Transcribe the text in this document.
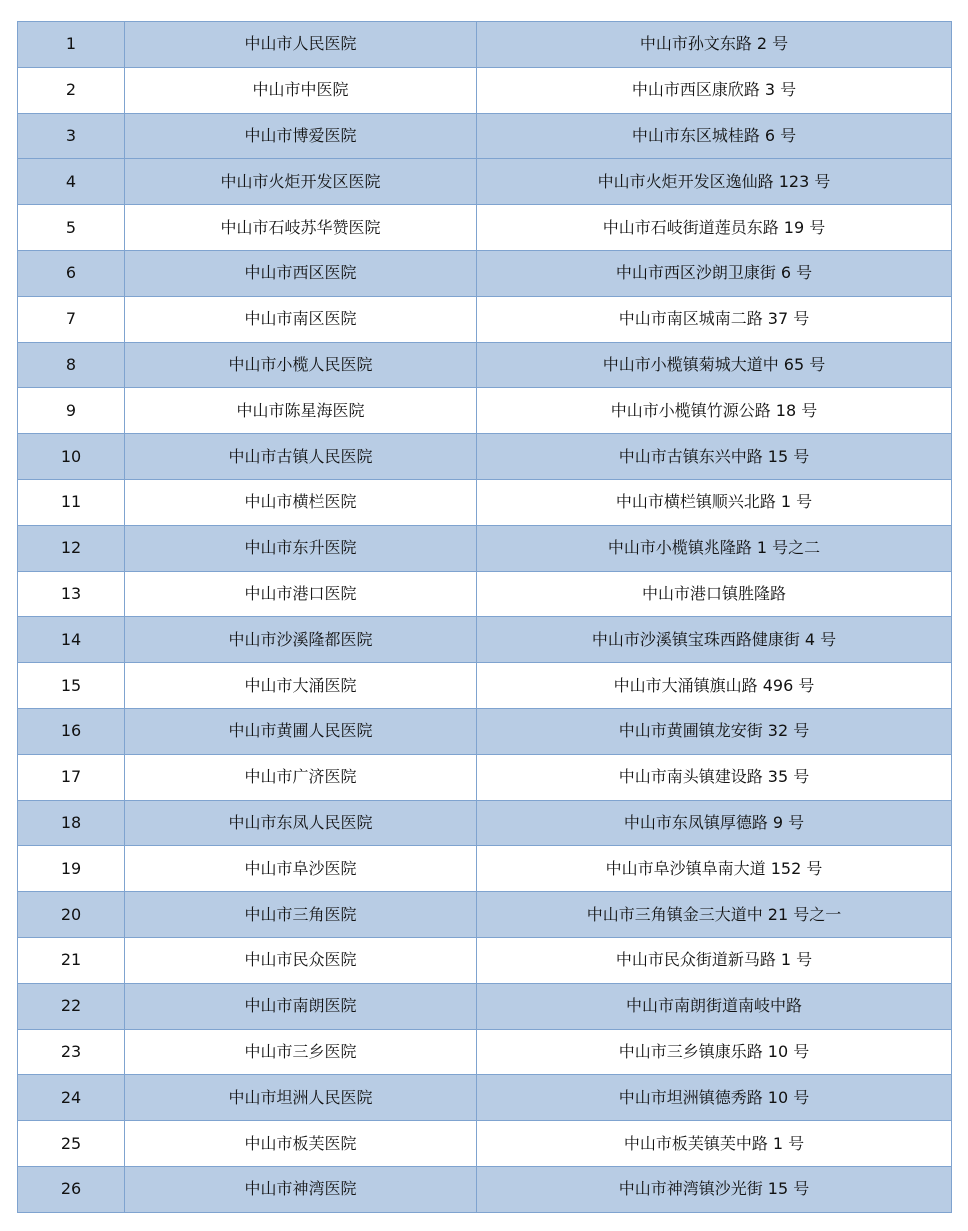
1	中山市人民医院	中山市孙文东路 2 号
2	中山市中医院	中山市西区康欣路 3 号
3	中山市博爱医院	中山市东区城桂路 6 号
4	中山市火炬开发区医院	中山市火炬开发区逸仙路 123 号
5	中山市石岐苏华赞医院	中山市石岐街道莲员东路 19 号
6	中山市西区医院	中山市西区沙朗卫康街 6 号
7	中山市南区医院	中山市南区城南二路 37 号
8	中山市小榄人民医院	中山市小榄镇菊城大道中 65 号
9	中山市陈星海医院	中山市小榄镇竹源公路 18 号
10	中山市古镇人民医院	中山市古镇东兴中路 15 号
11	中山市横栏医院	中山市横栏镇顺兴北路 1 号
12	中山市东升医院	中山市小榄镇兆隆路 1 号之二
13	中山市港口医院	中山市港口镇胜隆路
14	中山市沙溪隆都医院	中山市沙溪镇宝珠西路健康街 4 号
15	中山市大涌医院	中山市大涌镇旗山路 496 号
16	中山市黄圃人民医院	中山市黄圃镇龙安街 32 号
17	中山市广济医院	中山市南头镇建设路 35 号
18	中山市东凤人民医院	中山市东凤镇厚德路 9 号
19	中山市阜沙医院	中山市阜沙镇阜南大道 152 号
20	中山市三角医院	中山市三角镇金三大道中 21 号之一
21	中山市民众医院	中山市民众街道新马路 1 号
22	中山市南朗医院	中山市南朗街道南岐中路
23	中山市三乡医院	中山市三乡镇康乐路 10 号
24	中山市坦洲人民医院	中山市坦洲镇德秀路 10 号
25	中山市板芙医院	中山市板芙镇芙中路 1 号
26	中山市神湾医院	中山市神湾镇沙光街 15 号
